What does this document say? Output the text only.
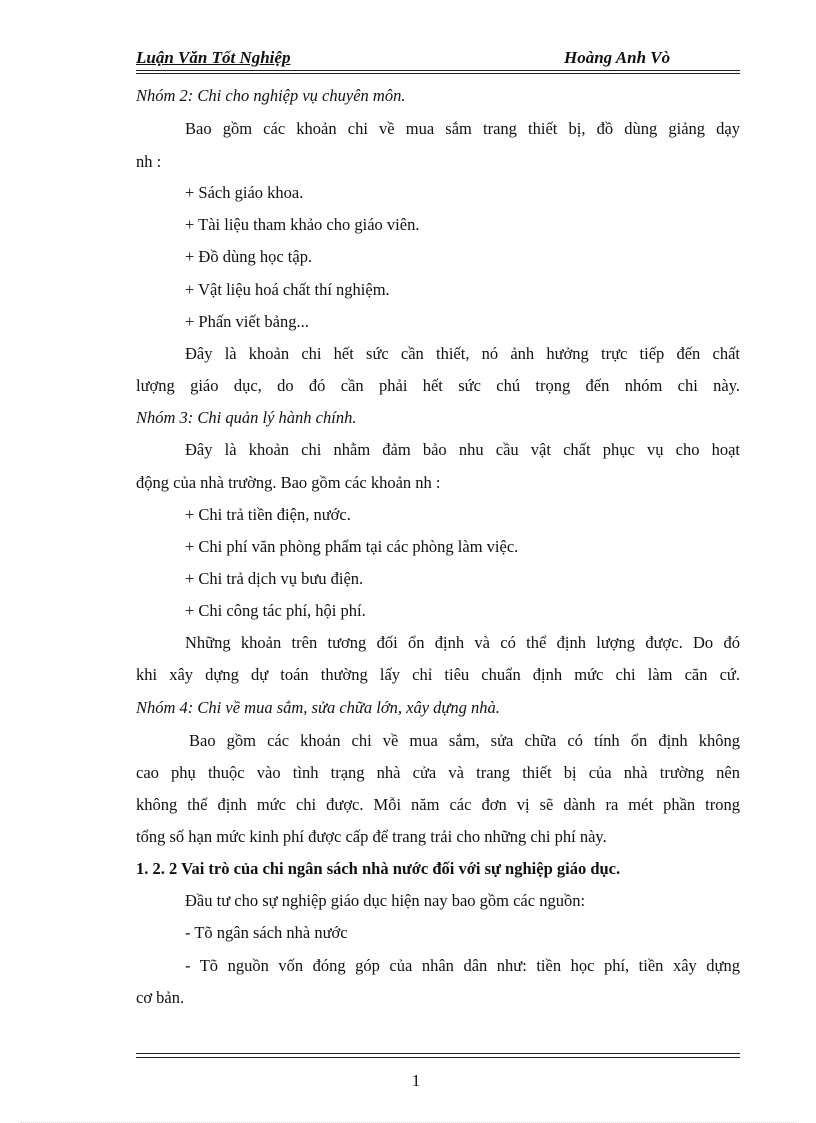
Luận Văn Tốt Nghiệp	Hoàng Anh Vò
Nhóm 2: Chi cho nghiệp vụ chuyên môn.
Bao gồm các khoản chi về mua sắm trang thiết bị, đồ dùng giảng dạy
nh :
+ Sách giáo khoa.
+ Tài liệu tham khảo cho giáo viên.
+ Đồ dùng học tập.
+ Vật liệu hoá chất thí nghiệm.
+ Phấn viết bảng...
Đây là khoản chi hết sức cần thiết, nó ảnh hưởng trực tiếp đến chất
lượng giáo dục, do đó cần phải hết sức chú trọng đến nhóm chi này.
Nhóm 3: Chi quản lý hành chính.
Đây là khoản chi nhằm đảm bảo nhu cầu vật chất phục vụ cho hoạt
động của nhà trường. Bao gồm các khoản nh :
+ Chi trả tiền điện, nước.
+ Chi phí văn phòng phẩm tại các phòng làm việc.
+ Chi trả dịch vụ bưu điện.
+ Chi công tác phí, hội phí.
Những khoản trên tương đối ổn định và có thể định lượng được. Do đó
khi xây dựng dự toán thường lấy chỉ tiêu chuẩn định mức chi làm căn cứ.
Nhóm 4: Chi về mua sắm, sửa chữa lớn, xây dựng nhà.
Bao gồm các khoản chi về mua sắm, sửa chữa có tính ổn định không
cao phụ thuộc vào tình trạng nhà cửa và trang thiết bị của nhà trường nên
không thể định mức chi được. Mỗi năm các đơn vị sẽ dành ra mét phần trong
tổng số hạn mức kinh phí được cấp để trang trải cho những chi phí này.
1. 2. 2 Vai trò của chi ngân sách nhà nước đối với sự nghiệp giáo dục.
Đầu tư cho sự nghiệp giáo dục hiện nay bao gồm các nguồn:
- Tõ ngân sách nhà nước
- Tõ nguồn vốn đóng góp của nhân dân như: tiền học phí, tiền xây dựng
cơ bản.
1
